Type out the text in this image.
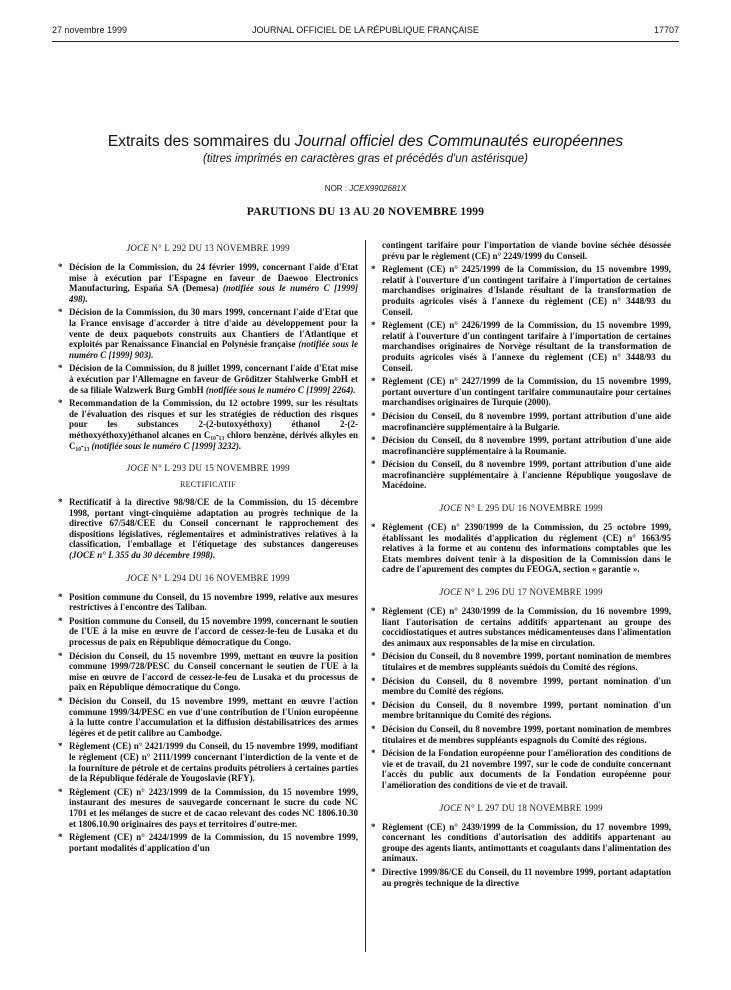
27 novembre 1999	JOURNAL OFFICIEL DE LA RÉPUBLIQUE FRANÇAISE	17707
Extraits des sommaires du Journal officiel des Communautés européennes
(titres imprimés en caractères gras et précédés d'un astérisque)
NOR : JCEX9902681X
PARUTIONS DU 13 AU 20 NOVEMBRE 1999
JOCE N° L 292 DU 13 NOVEMBRE 1999
* Décision de la Commission, du 24 février 1999, concernant l'aide d'Etat mise à exécution par l'Espagne en faveur de Daewoo Electronics Manufacturing, España SA (Demesa) (notifiée sous le numéro C [1999] 498).
* Décision de la Commission, du 30 mars 1999, concernant l'aide d'Etat que la France envisage d'accorder à titre d'aide au développement pour la vente de deux paquebots construits aux Chantiers de l'Atlantique et exploités par Renaissance Financial en Polynésie française (notifiée sous le numéro C [1999] 903).
* Décision de la Commission, du 8 juillet 1999, concernant l'aide d'Etat mise à exécution par l'Allemagne en faveur de Gröditzer Stahlwerke GmbH et de sa filiale Walzwerk Burg GmbH (notifiée sous le numéro C [1999] 2264).
* Recommandation de la Commission, du 12 octobre 1999, sur les résultats de l'évaluation des risques et sur les stratégies de réduction des risques pour les substances 2-(2-butoxyéthoxy) éthanol 2-(2-méthoxyéthoxy)éthanol alcanes en C₁₀-₁₃ chloro benzène, dérivés alkyles en C₁₀-₁₃ (notifiée sous le numéro C [1999] 3232).
JOCE N° L 293 DU 15 NOVEMBRE 1999
RECTIFICATIF
* Rectificatif à la directive 98/98/CE de la Commission, du 15 décembre 1998, portant vingt-cinquième adaptation au progrès technique de la directive 67/548/CEE du Conseil concernant le rapprochement des dispositions législatives, réglementaires et administratives relatives à la classification, l'emballage et l'étiquetage des substances dangereuses (JOCE n° L 355 du 30 décembre 1998).
JOCE N° L 294 DU 16 NOVEMBRE 1999
* Position commune du Conseil, du 15 novembre 1999, relative aux mesures restrictives à l'encontre des Taliban.
* Position commune du Conseil, du 15 novembre 1999, concernant le soutien de l'UE à la mise en œuvre de l'accord de cessez-le-feu de Lusaka et du processus de paix en République démocratique du Congo.
* Décision du Conseil, du 15 novembre 1999, mettant en œuvre la position commune 1999/728/PESC du Conseil concernant le soutien de l'UE à la mise en œuvre de l'accord de cessez-le-feu de Lusaka et du processus de paix en République démocratique du Congo.
* Décision du Conseil, du 15 novembre 1999, mettant en œuvre l'action commune 1999/34/PESC en vue d'une contribution de l'Union européenne à la lutte contre l'accumulation et la diffusion déstabilisatrices des armes légères et de petit calibre au Cambodge.
* Règlement (CE) n° 2421/1999 du Conseil, du 15 novembre 1999, modifiant le règlement (CE) n° 2111/1999 concernant l'interdiction de la vente et de la fourniture de pétrole et de certains produits pétroliers à certaines parties de la République fédérale de Yougoslavie (RFY).
* Règlement (CE) n° 2423/1999 de la Commission, du 15 novembre 1999, instaurant des mesures de sauvegarde concernant le sucre du code NC 1701 et les mélanges de sucre et de cacao relevant des codes NC 1806.10.30 et 1806.10.90 originaires des pays et territoires d'outre-mer.
* Règlement (CE) n° 2424/1999 de la Commission, du 15 novembre 1999, portant modalités d'application d'un
contingent tarifaire pour l'importation de viande bovine séchée désossée prévu par le règlement (CE) n° 2249/1999 du Conseil.
* Règlement (CE) n° 2425/1999 de la Commission, du 15 novembre 1999, relatif à l'ouverture d'un contingent tarifaire à l'importation de certaines marchandises originaires d'Islande résultant de la transformation de produits agricoles visés à l'annexe du règlement (CE) n° 3448/93 du Conseil.
* Règlement (CE) n° 2426/1999 de la Commission, du 15 novembre 1999, relatif à l'ouverture d'un contingent tarifaire à l'importation de certaines marchandises originaires de Norvège résultant de la transformation de produits agricoles visés à l'annexe du règlement (CE) n° 3448/93 du Conseil.
* Règlement (CE) n° 2427/1999 de la Commission, du 15 novembre 1999, portant ouverture d'un contingent tarifaire communautaire pour certaines marchandises originaires de Turquie (2000).
* Décision du Conseil, du 8 novembre 1999, portant attribution d'une aide macrofinancière supplémentaire à la Bulgarie.
* Décision du Conseil, du 8 novembre 1999, portant attribution d'une aide macrofinancière supplémentaire à la Roumanie.
* Décision du Conseil, du 8 novembre 1999, portant attribution d'une aide macrofinancière supplémentaire à l'ancienne République yougoslave de Macédoine.
JOCE N° L 295 DU 16 NOVEMBRE 1999
* Règlement (CE) n° 2390/1999 de la Commission, du 25 octobre 1999, établissant les modalités d'application du règlement (CE) n° 1663/95 relatives à la forme et au contenu des informations comptables que les Etats membres doivent tenir à la disposition de la Commission dans le cadre de l'apurement des comptes du FEOGA, section « garantie ».
JOCE N° L 296 DU 17 NOVEMBRE 1999
* Règlement (CE) n° 2430/1999 de la Commission, du 16 novembre 1999, liant l'autorisation de certains additifs appartenant au groupe des coccidiostatiques et autres substances médicamenteuses dans l'alimentation des animaux aux responsables de la mise en circulation.
* Décision du Conseil, du 8 novembre 1999, portant nomination de membres titulaires et de membres suppléants suédois du Comité des régions.
* Décision du Conseil, du 8 novembre 1999, portant nomination d'un membre du Comité des régions.
* Décision du Conseil, du 8 novembre 1999, portant nomination d'un membre britannique du Comité des régions.
* Décision du Conseil, du 8 novembre 1999, portant nomination de membres titulaires et de membres suppléants espagnols du Comité des régions.
* Décision de la Fondation européenne pour l'amélioration des conditions de vie et de travail, du 21 novembre 1997, sur le code de conduite concernant l'accès du public aux documents de la Fondation européenne pour l'amélioration des conditions de vie et de travail.
JOCE N° L 297 DU 18 NOVEMBRE 1999
* Règlement (CE) n° 2439/1999 de la Commission, du 17 novembre 1999, concernant les conditions d'autorisation des additifs appartenant au groupe des agents liants, antimottants et coagulants dans l'alimentation des animaux.
* Directive 1999/86/CE du Conseil, du 11 novembre 1999, portant adaptation au progrès technique de la directive
